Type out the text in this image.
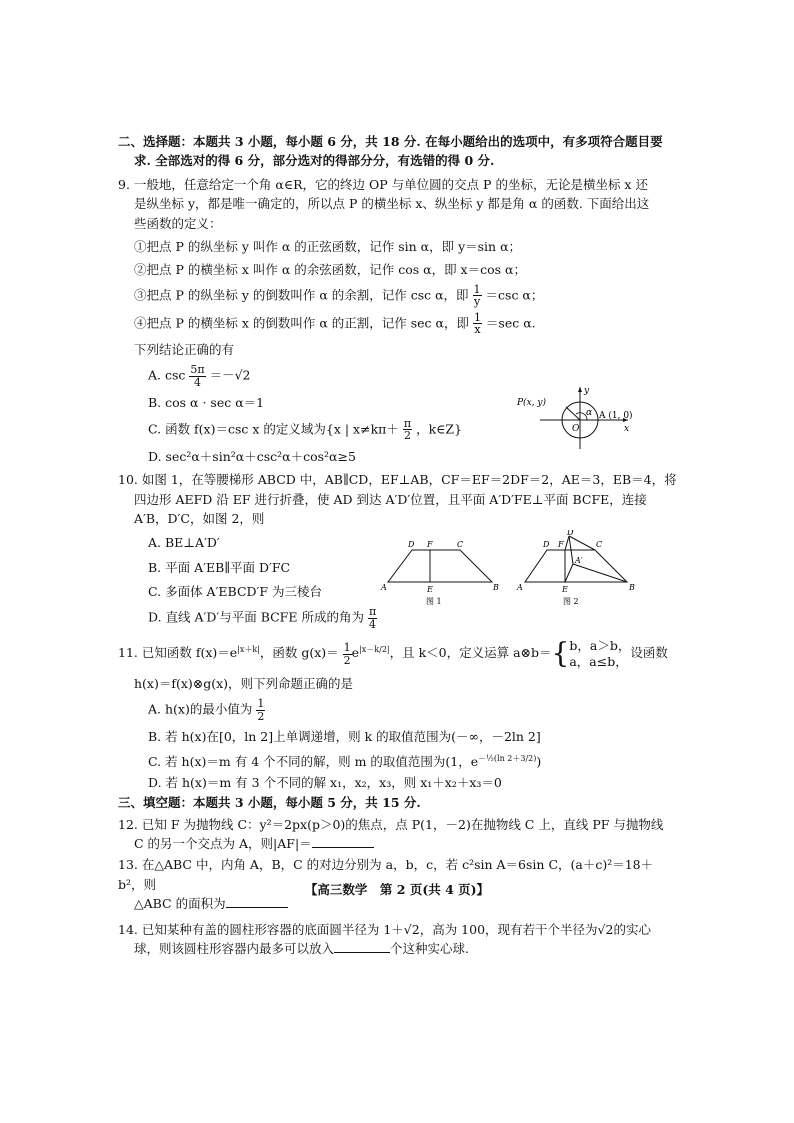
二、选择题：本题共 3 小题，每小题 6 分，共 18 分. 在每小题给出的选项中，有多项符合题目要
求. 全部选对的得 6 分，部分选对的得部分分，有选错的得 0 分.
9. 一般地，任意给定一个角 α∈R，它的终边 OP 与单位圆的交点 P 的坐标，无论是横坐标 x 还
是纵坐标 y，都是唯一确定的，所以点 P 的横坐标 x、纵坐标 y 都是角 α 的函数. 下面给出这
些函数的定义：
①把点 P 的纵坐标 y 叫作 α 的正弦函数，记作 sin α，即 y＝sin α；
②把点 P 的横坐标 x 叫作 α 的余弦函数，记作 cos α，即 x＝cos α；
③把点 P 的纵坐标 y 的倒数叫作 α 的余割，记作 csc α，即 $\frac{1}{y} =\csc$ α；
④把点 P 的横坐标 x 的倒数叫作 α 的正割，记作 sec α，即 $\frac{1}{x} =\sec$ α.
下列结论正确的有
A. $\csc \frac{5\pi}{4} =-√2$
B. cos α · sec α＝1
C. 函数 f(x)＝csc x 的定义域为{x | $x\ne k\pi+ \frac{\pi}{2}$ ，k∈Z}
D. sec²α＋sin²α＋csc²α＋cos²α≥5
P(x, y)
A (1, 0)
O	x
y
α
10. 如图 1，在等腰梯形 ABCD 中，AB∥CD，EF⊥AB，CF＝EF＝2DF＝2，AE＝3，EB＝4，将
四边形 AEFD 沿 EF 进行折叠，使 AD 到达 A′D′位置，且平面 A′D′FE⊥平面 BCFE，连接
A′B，D′C，如图 2，则
A. BE⊥A′D′
B. 平面 A′EB∥平面 D′FC
C. 多面体 A′EBCD′F 为三棱台
D. 直线 A′D′与平面 BCFE 所成的角为 $\frac{\pi}{4}$
D F	C
A	E	B
图 1
D F
D′
C
A′
A	E	B
图 2
11. 已知函数 $f(x)=e^{|x+k|}$，函数 $g(x)= \frac{1}{2} e^{|x-k/2|}$，且 k＜0，定义运算 a⊗b＝{ b，a＞b，
a，a≤b，
设函数
h(x)＝f(x)⊗g(x)，则下列命题正确的是
A. h(x)的最小值为 $\frac{1}{2}$
B. 若 h(x)在[0，ln 2]上单调递增，则 k 的取值范围为(－∞，－2ln 2]
C. 若 h(x)＝m 有 4 个不同的解，则 m 的取值范围为(1，$e^{-\frac{1}{2}(ln 2+3/2)}$)
D. 若 h(x)＝m 有 3 个不同的解 x₁，x₂，x₃，则 x₁＋x₂＋x₃＝0
三、填空题：本题共 3 小题，每小题 5 分，共 15 分.
12. 已知 F 为抛物线 C：y²＝2px(p＞0)的焦点，点 P(1，－2)在抛物线 C 上，直线 PF 与抛物线
C 的另一个交点为 A，则|AF|＝
13. 在△ABC 中，内角 A，B，C 的对边分别为 a，b，c，若 c²sin A＝6sin C，(a＋c)²＝18＋b²，则
△ABC 的面积为
14. 已知某种有盖的圆柱形容器的底面圆半径为 1＋√2，高为 100，现有若干个半径为√2的实心
球，则该圆柱形容器内最多可以放入	个这种实心球.
【高三数学　第 2 页(共 4 页)】
